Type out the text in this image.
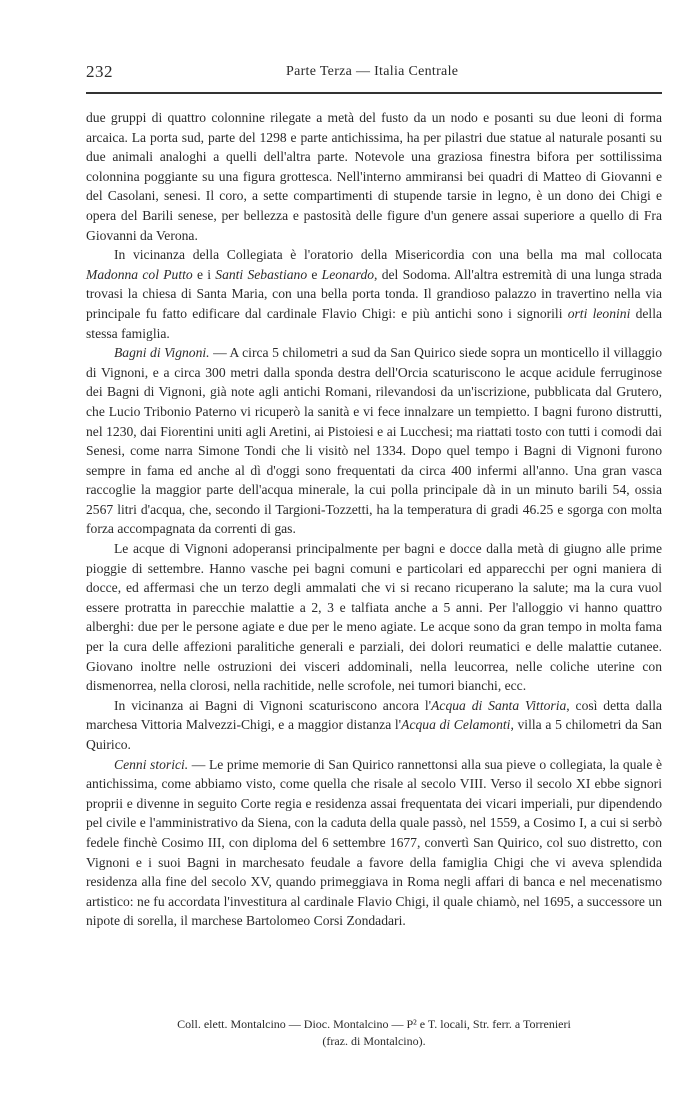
232	Parte Terza — Italia Centrale

due gruppi di quattro colonnine rilegate a metà del fusto da un nodo e posanti su due leoni di forma arcaica. La porta sud, parte del 1298 e parte antichissima, ha per pilastri due statue al naturale posanti su due animali analoghi a quelli dell'altra parte. Notevole una graziosa finestra bifora per sottilissima colonnina poggiante su una figura grottesca. Nell'interno ammiransi bei quadri di Matteo di Giovanni e del Casolani, senesi. Il coro, a sette compartimenti di stupende tarsie in legno, è un dono dei Chigi e opera del Barili senese, per bellezza e pastosità delle figure d'un genere assai superiore a quello di Fra Giovanni da Verona.

In vicinanza della Collegiata è l'oratorio della Misericordia con una bella ma mal collocata Madonna col Putto e i Santi Sebastiano e Leonardo, del Sodoma. All'altra estremità di una lunga strada trovasi la chiesa di Santa Maria, con una bella porta tonda. Il grandioso palazzo in travertino nella via principale fu fatto edificare dal cardinale Flavio Chigi: e più antichi sono i signorili orti leonini della stessa famiglia.

Bagni di Vignoni. — A circa 5 chilometri a sud da San Quirico siede sopra un monticello il villaggio di Vignoni, e a circa 300 metri dalla sponda destra dell'Orcia scaturiscono le acque acidule ferruginose dei Bagni di Vignoni, già note agli antichi Romani, rilevandosi da un'iscrizione, pubblicata dal Grutero, che Lucio Tribonio Paterno vi ricuperò la sanità e vi fece innalzare un tempietto. I bagni furono distrutti, nel 1230, dai Fiorentini uniti agli Aretini, ai Pistoiesi e ai Lucchesi; ma riattati tosto con tutti i comodi dai Senesi, come narra Simone Tondi che li visitò nel 1334. Dopo quel tempo i Bagni di Vignoni furono sempre in fama ed anche al dì d'oggi sono frequentati da circa 400 infermi all'anno. Una gran vasca raccoglie la maggior parte dell'acqua minerale, la cui polla principale dà in un minuto barili 54, ossia 2567 litri d'acqua, che, secondo il Targioni-Tozzetti, ha la temperatura di gradi 46.25 e sgorga con molta forza accompagnata da correnti di gas.

Le acque di Vignoni adoperansi principalmente per bagni e docce dalla metà di giugno alle prime pioggie di settembre. Hanno vasche pei bagni comuni e particolari ed apparecchi per ogni maniera di docce, ed affermasi che un terzo degli ammalati che vi si recano ricuperano la salute; ma la cura vuol essere protratta in parecchie malattie a 2, 3 e talfiata anche a 5 anni. Per l'alloggio vi hanno quattro alberghi: due per le persone agiate e due per le meno agiate. Le acque sono da gran tempo in molta fama per la cura delle affezioni paralitiche generali e parziali, dei dolori reumatici e delle malattie cutanee. Giovano inoltre nelle ostruzioni dei visceri addominali, nella leucorrea, nelle coliche uterine con dismenorrea, nella clorosi, nella rachitide, nelle scrofole, nei tumori bianchi, ecc.

In vicinanza ai Bagni di Vignoni scaturiscono ancora l'Acqua di Santa Vittoria, così detta dalla marchesa Vittoria Malvezzi-Chigi, e a maggior distanza l'Acqua di Celamonti, villa a 5 chilometri da San Quirico.

Cenni storici. — Le prime memorie di San Quirico rannettonsi alla sua pieve o collegiata, la quale è antichissima, come abbiamo visto, come quella che risale al secolo VIII. Verso il secolo XI ebbe signori proprii e divenne in seguito Corte regia e residenza assai frequentata dei vicari imperiali, pur dipendendo pel civile e l'amministrativo da Siena, con la caduta della quale passò, nel 1559, a Cosimo I, a cui si serbò fedele finchè Cosimo III, con diploma del 6 settembre 1677, convertì San Quirico, col suo distretto, con Vignoni e i suoi Bagni in marchesato feudale a favore della famiglia Chigi che vi aveva splendida residenza alla fine del secolo XV, quando primeggiava in Roma negli affari di banca e nel mecenatismo artistico: ne fu accordata l'investitura al cardinale Flavio Chigi, il quale chiamò, nel 1695, a successore un nipote di sorella, il marchese Bartolomeo Corsi Zondadari.

Coll. elett. Montalcino — Dioc. Montalcino — P² e T. locali, Str. ferr. a Torrenieri
(fraz. di Montalcino).
